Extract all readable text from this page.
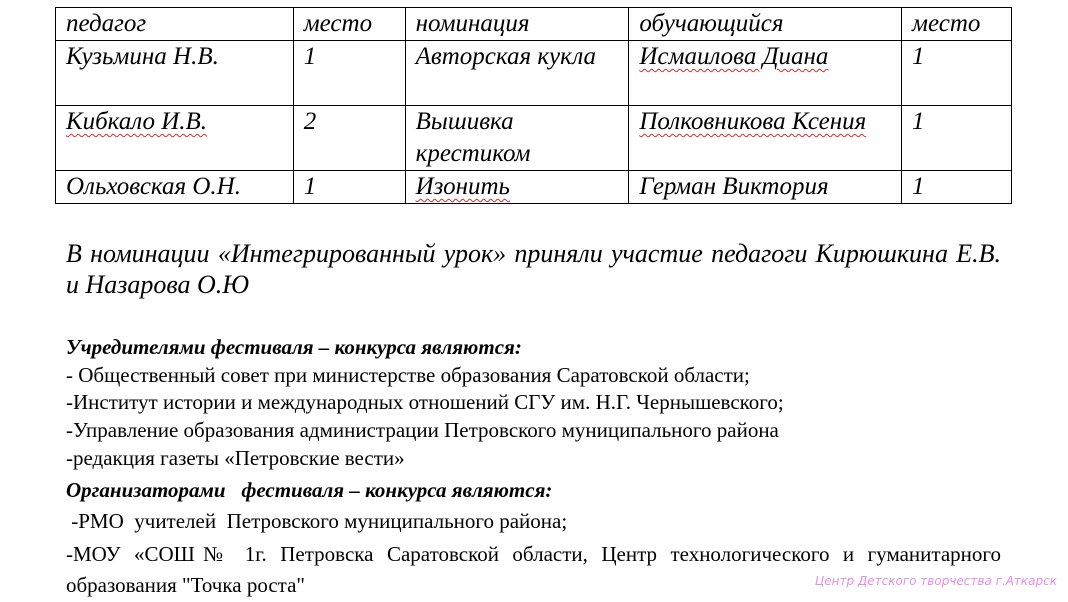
педагог	место	номинация	обучающийся	место
Кузьмина Н.В.	1	Авторская кукла	Исмаилова Диана	1
Кибкало И.В.	2	Вышивка крестиком	Полковникова Ксения	1
Ольховская О.Н.	1	Изонить	Герман Виктория	1

В номинации «Интегрированный урок» приняли участие педагоги Кирюшкина Е.В. и Назарова О.Ю

Учредителями фестиваля – конкурса являются:

- Общественный совет при министерстве образования Саратовской области;

-Институт истории и международных отношений СГУ им. Н.Г. Чернышевского;

-Управление образования администрации Петровского муниципального района

-редакция газеты «Петровские вести»

Организаторами   фестиваля – конкурса являются:

-РМО  учителей  Петровского муниципального района;

-МОУ «СОШ№ 1г. Петровска Саратовской области, Центр технологического и гуманитарного образования "Точка роста"	Центр Детского творчества г.Аткарск
